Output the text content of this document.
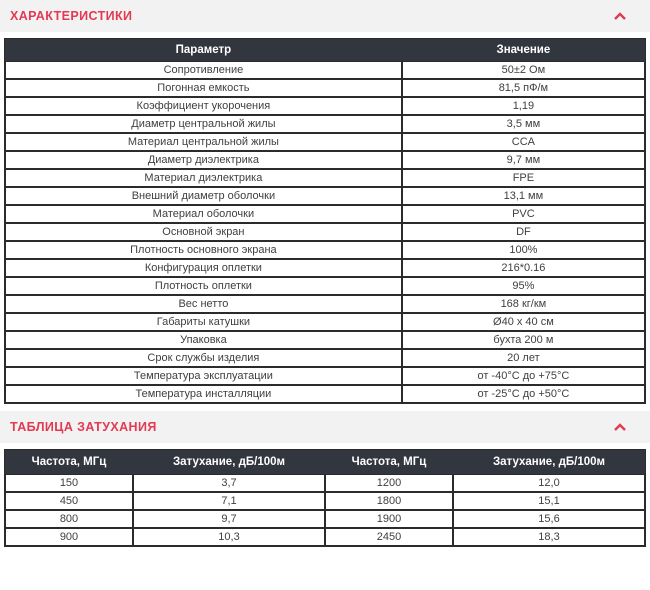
ХАРАКТЕРИСТИКИ
Параметр	Значение
Сопротивление	50±2 Ом
Погонная емкость	81,5 пФ/м
Коэффициент укорочения	1,19
Диаметр центральной жилы	3,5 мм
Материал центральной жилы	CCA
Диаметр диэлектрика	9,7 мм
Материал диэлектрика	FPE
Внешний диаметр оболочки	13,1 мм
Материал оболочки	PVC
Основной экран	DF
Плотность основного экрана	100%
Конфигурация оплетки	216*0.16
Плотность оплетки	95%
Вес нетто	168 кг/км
Габариты катушки	Ø40 x 40 см
Упаковка	бухта 200 м
Срок службы изделия	20 лет
Температура эксплуатации	от -40°C до +75°C
Температура инсталляции	от -25°C до +50°C
ТАБЛИЦА ЗАТУХАНИЯ
Частота, МГц	Затухание, дБ/100м	Частота, МГц	Затухание, дБ/100м
150	3,7	1200	12,0
450	7,1	1800	15,1
800	9,7	1900	15,6
900	10,3	2450	18,3
